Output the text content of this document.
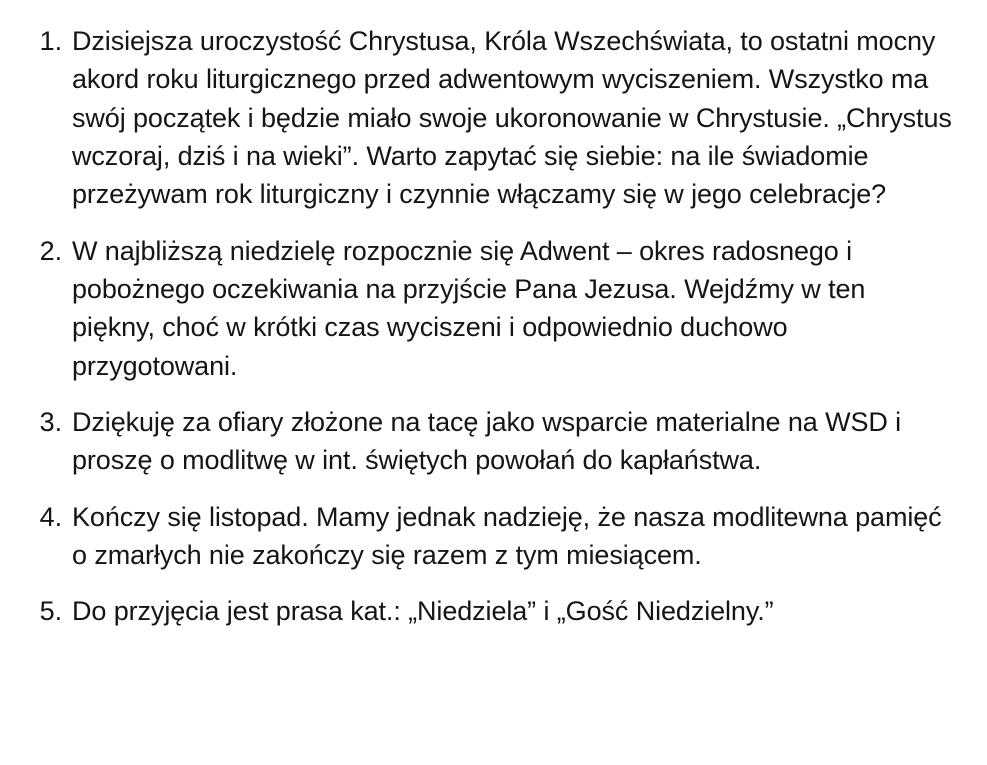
Dzisiejsza uroczystość Chrystusa, Króla Wszechświata, to ostatni mocny akord roku liturgicznego przed adwentowym wyciszeniem. Wszystko ma swój początek i będzie miało swoje ukoronowanie w Chrystusie. „Chrystus wczoraj, dziś i na wieki”. Warto zapytać się siebie: na ile świadomie przeżywam rok liturgiczny i czynnie włączamy się w jego celebracje?
W najbliższą niedzielę rozpocznie się Adwent – okres radosnego i pobożnego oczekiwania na przyjście Pana Jezusa. Wejdźmy w ten piękny, choć w krótki czas wyciszeni i odpowiednio duchowo przygotowani.
Dziękuję za ofiary złożone na tacę jako wsparcie materialne na WSD i proszę o modlitwę w int. świętych powołań do kapłaństwa.
Kończy się listopad. Mamy jednak nadzieję, że nasza modlitewna pamięć o zmarłych nie zakończy się razem z tym miesiącem.
Do przyjęcia jest prasa kat.: „Niedziela” i „Gość Niedzielny.”
